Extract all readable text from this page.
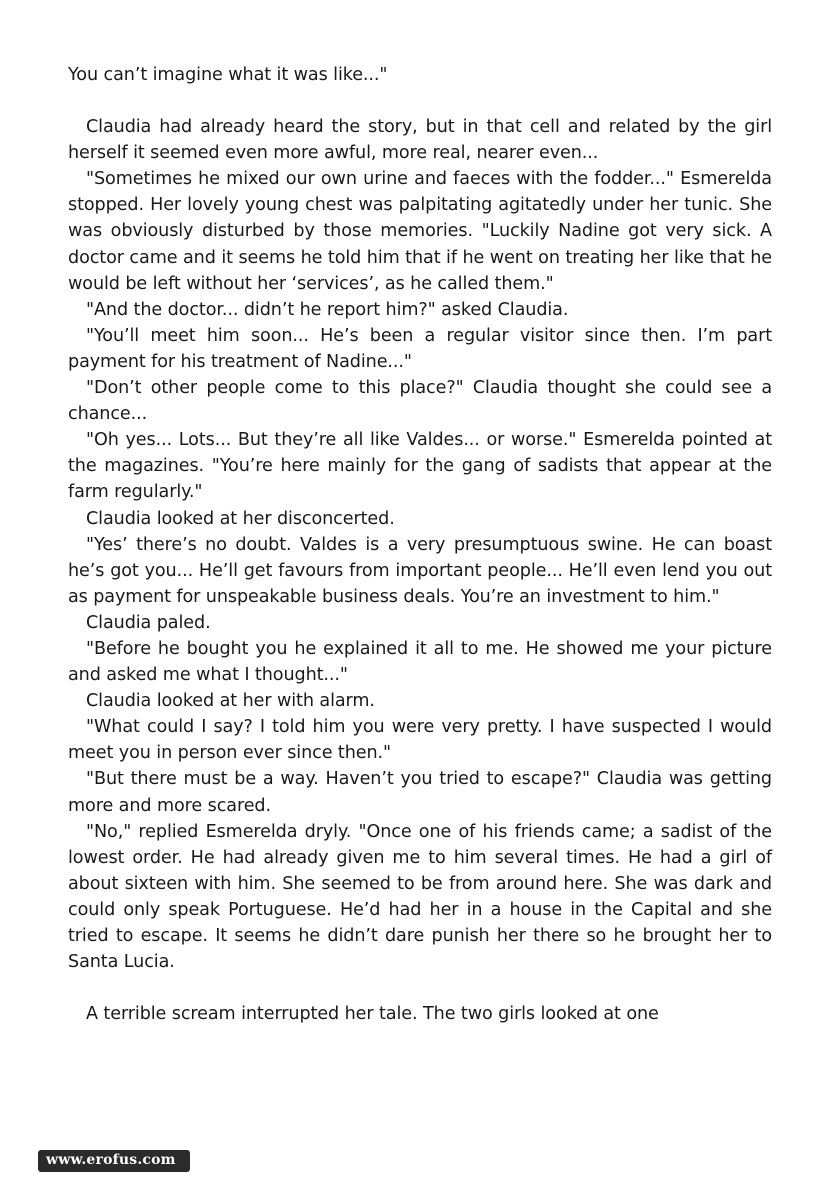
You can’t imagine what it was like..."

Claudia had already heard the story, but in that cell and related by the girl herself it seemed even more awful, more real, nearer even...

"Sometimes he mixed our own urine and faeces with the fodder..." Esmerelda stopped. Her lovely young chest was palpitating agitatedly under her tunic. She was obviously disturbed by those memories. "Luckily Nadine got very sick. A doctor came and it seems he told him that if he went on treating her like that he would be left without her ‘services’, as he called them."

"And the doctor... didn’t he report him?" asked Claudia.

"You’ll meet him soon... He’s been a regular visitor since then. I’m part payment for his treatment of Nadine..."

"Don’t other people come to this place?" Claudia thought she could see a chance...

"Oh yes... Lots... But they’re all like Valdes... or worse." Esmerelda pointed at the magazines. "You’re here mainly for the gang of sadists that appear at the farm regularly."

Claudia looked at her disconcerted.

"Yes’ there’s no doubt. Valdes is a very presumptuous swine. He can boast he’s got you... He’ll get favours from important people... He’ll even lend you out as payment for unspeakable business deals. You’re an investment to him."

Claudia paled.

"Before he bought you he explained it all to me. He showed me your picture and asked me what I thought..."

Claudia looked at her with alarm.

"What could I say? I told him you were very pretty. I have suspected I would meet you in person ever since then."

"But there must be a way. Haven’t you tried to escape?" Claudia was getting more and more scared.

"No," replied Esmerelda dryly. "Once one of his friends came; a sadist of the lowest order. He had already given me to him several times. He had a girl of about sixteen with him. She seemed to be from around here. She was dark and could only speak Portuguese. He’d had her in a house in the Capital and she tried to escape. It seems he didn’t dare punish her there so he brought her to Santa Lucia.

A terrible scream interrupted her tale. The two girls looked at one

www.erofus.com
